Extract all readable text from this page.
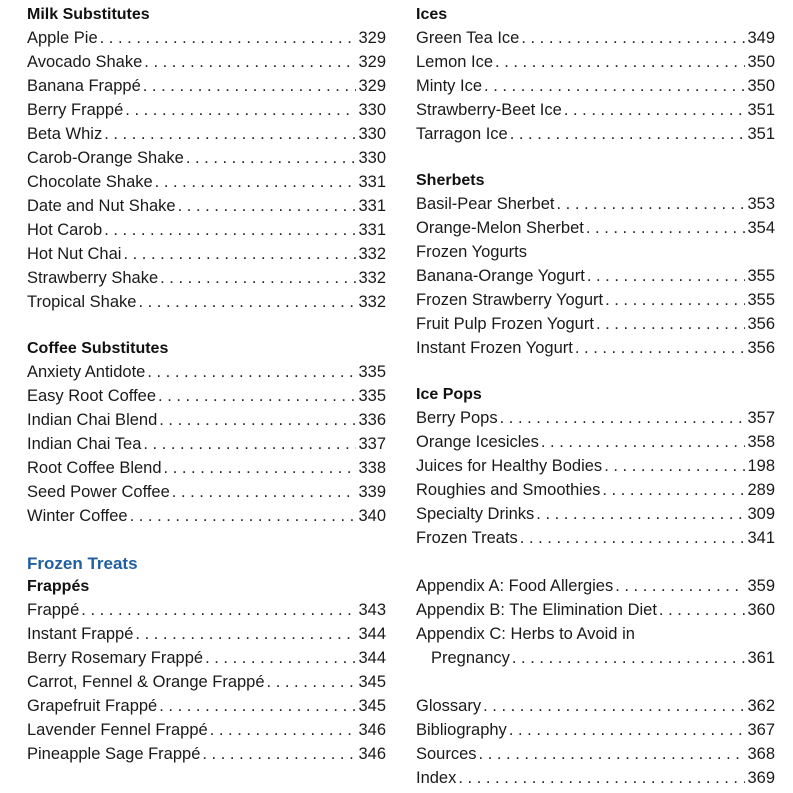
Milk Substitutes
Apple Pie . . .	329
Avocado Shake . . .	329
Banana Frappé . . .	329
Berry Frappé . . .	330
Beta Whiz . . .	330
Carob-Orange Shake . . .	330
Chocolate Shake . . .	331
Date and Nut Shake . . .	331
Hot Carob . . .	331
Hot Nut Chai . . .	332
Strawberry Shake . . .	332
Tropical Shake . . .	332
Coffee Substitutes
Anxiety Antidote . . .	335
Easy Root Coffee . . .	335
Indian Chai Blend . . .	336
Indian Chai Tea . . .	337
Root Coffee Blend . . .	338
Seed Power Coffee . . .	339
Winter Coffee . . .	340
Frozen Treats
Frappés
Frappé . . .	343
Instant Frappé . . .	344
Berry Rosemary Frappé . . .	344
Carrot, Fennel & Orange Frappé . . .	345
Grapefruit Frappé . . .	345
Lavender Fennel Frappé . . .	346
Pineapple Sage Frappé . . .	346
Ices
Green Tea Ice . . .	349
Lemon Ice . . .	350
Minty Ice . . .	350
Strawberry-Beet Ice . . .	351
Tarragon Ice . . .	351
Sherbets
Basil-Pear Sherbet . . .	353
Orange-Melon Sherbet . . .	354
Frozen Yogurts
Banana-Orange Yogurt . . .	355
Frozen Strawberry Yogurt . . .	355
Fruit Pulp Frozen Yogurt . . .	356
Instant Frozen Yogurt . . .	356
Ice Pops
Berry Pops . . .	357
Orange Icesicles . . .	358
Juices for Healthy Bodies . . .	198
Roughies and Smoothies . . .	289
Specialty Drinks . . .	309
Frozen Treats . . .	341
Appendix A: Food Allergies . . .	359
Appendix B: The Elimination Diet . . .	360
Appendix C: Herbs to Avoid in
Pregnancy . . .	361
Glossary . . .	362
Bibliography . . .	367
Sources . . .	368
Index . . .	369
